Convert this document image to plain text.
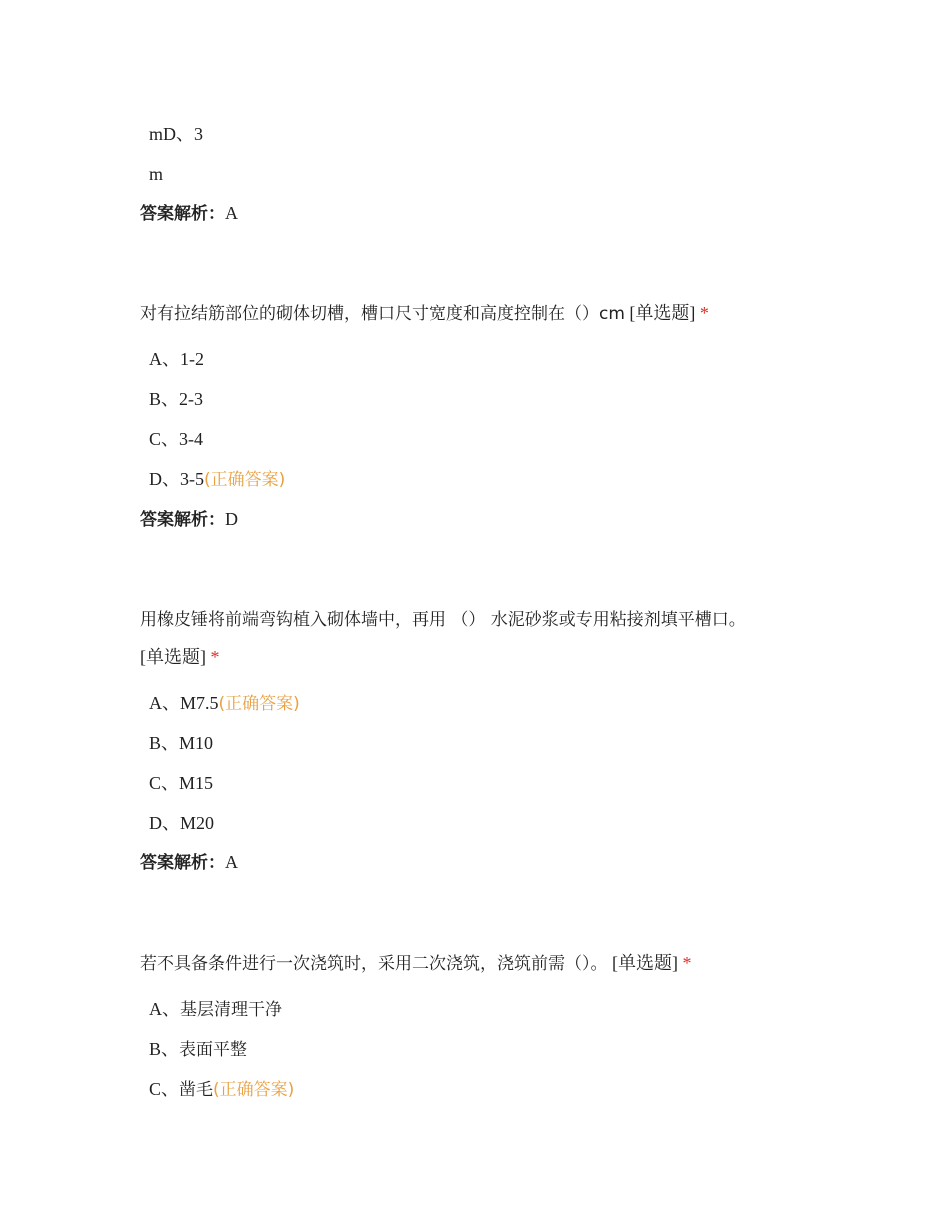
mD、3
m
答案解析：A
对有拉结筋部位的砌体切槽，槽口尺寸宽度和高度控制在（）cm [单选题] *
A、1-2
B、2-3
C、3-4
D、3-5(正确答案)
答案解析：D
用橡皮锤将前端弯钩植入砌体墙中，再用 （） 水泥砂浆或专用粘接剂填平槽口。
[单选题] *
A、M7.5(正确答案)
B、M10
C、M15
D、M20
答案解析：A
若不具备条件进行一次浇筑时，采用二次浇筑，浇筑前需（）。 [单选题] *
A、基层清理干净
B、表面平整
C、凿毛(正确答案)
